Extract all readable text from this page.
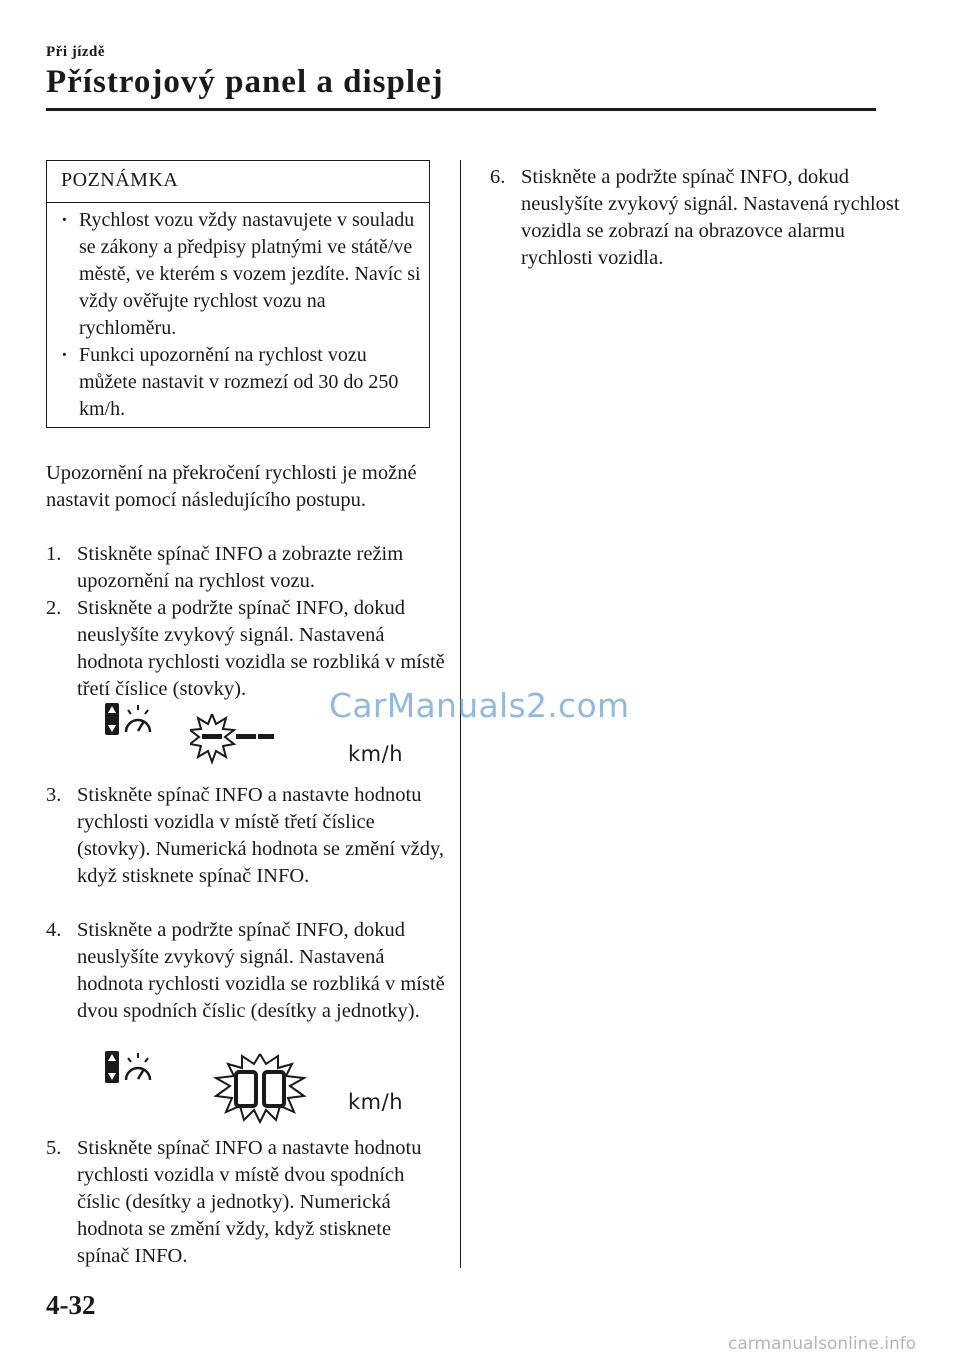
Při jízdě
Přístrojový panel a displej
POZNÁMKA
· Rychlost vozu vždy nastavujete v souladu se zákony a předpisy platnými ve státě/ve městě, ve kterém s vozem jezdíte. Navíc si vždy ověřujte rychlost vozu na rychloměru.
· Funkci upozornění na rychlost vozu můžete nastavit v rozmezí od 30 do 250 km/h.
Upozornění na překročení rychlosti je možné nastavit pomocí následujícího postupu.
1. Stiskněte spínač INFO a zobrazte režim upozornění na rychlost vozu.
2. Stiskněte a podržte spínač INFO, dokud neuslyšíte zvykový signál. Nastavená hodnota rychlosti vozidla se rozbliká v místě třetí číslice (stovky).
km/h
3. Stiskněte spínač INFO a nastavte hodnotu rychlosti vozidla v místě třetí číslice (stovky). Numerická hodnota se změní vždy, když stisknete spínač INFO.
4. Stiskněte a podržte spínač INFO, dokud neuslyšíte zvykový signál. Nastavená hodnota rychlosti vozidla se rozbliká v místě dvou spodních číslic (desítky a jednotky).
km/h
5. Stiskněte spínač INFO a nastavte hodnotu rychlosti vozidla v místě dvou spodních číslic (desítky a jednotky). Numerická hodnota se změní vždy, když stisknete spínač INFO.
6. Stiskněte a podržte spínač INFO, dokud neuslyšíte zvykový signál. Nastavená rychlost vozidla se zobrazí na obrazovce alarmu rychlosti vozidla.
CarManuals2.com
4-32
carmanualsonline.info
